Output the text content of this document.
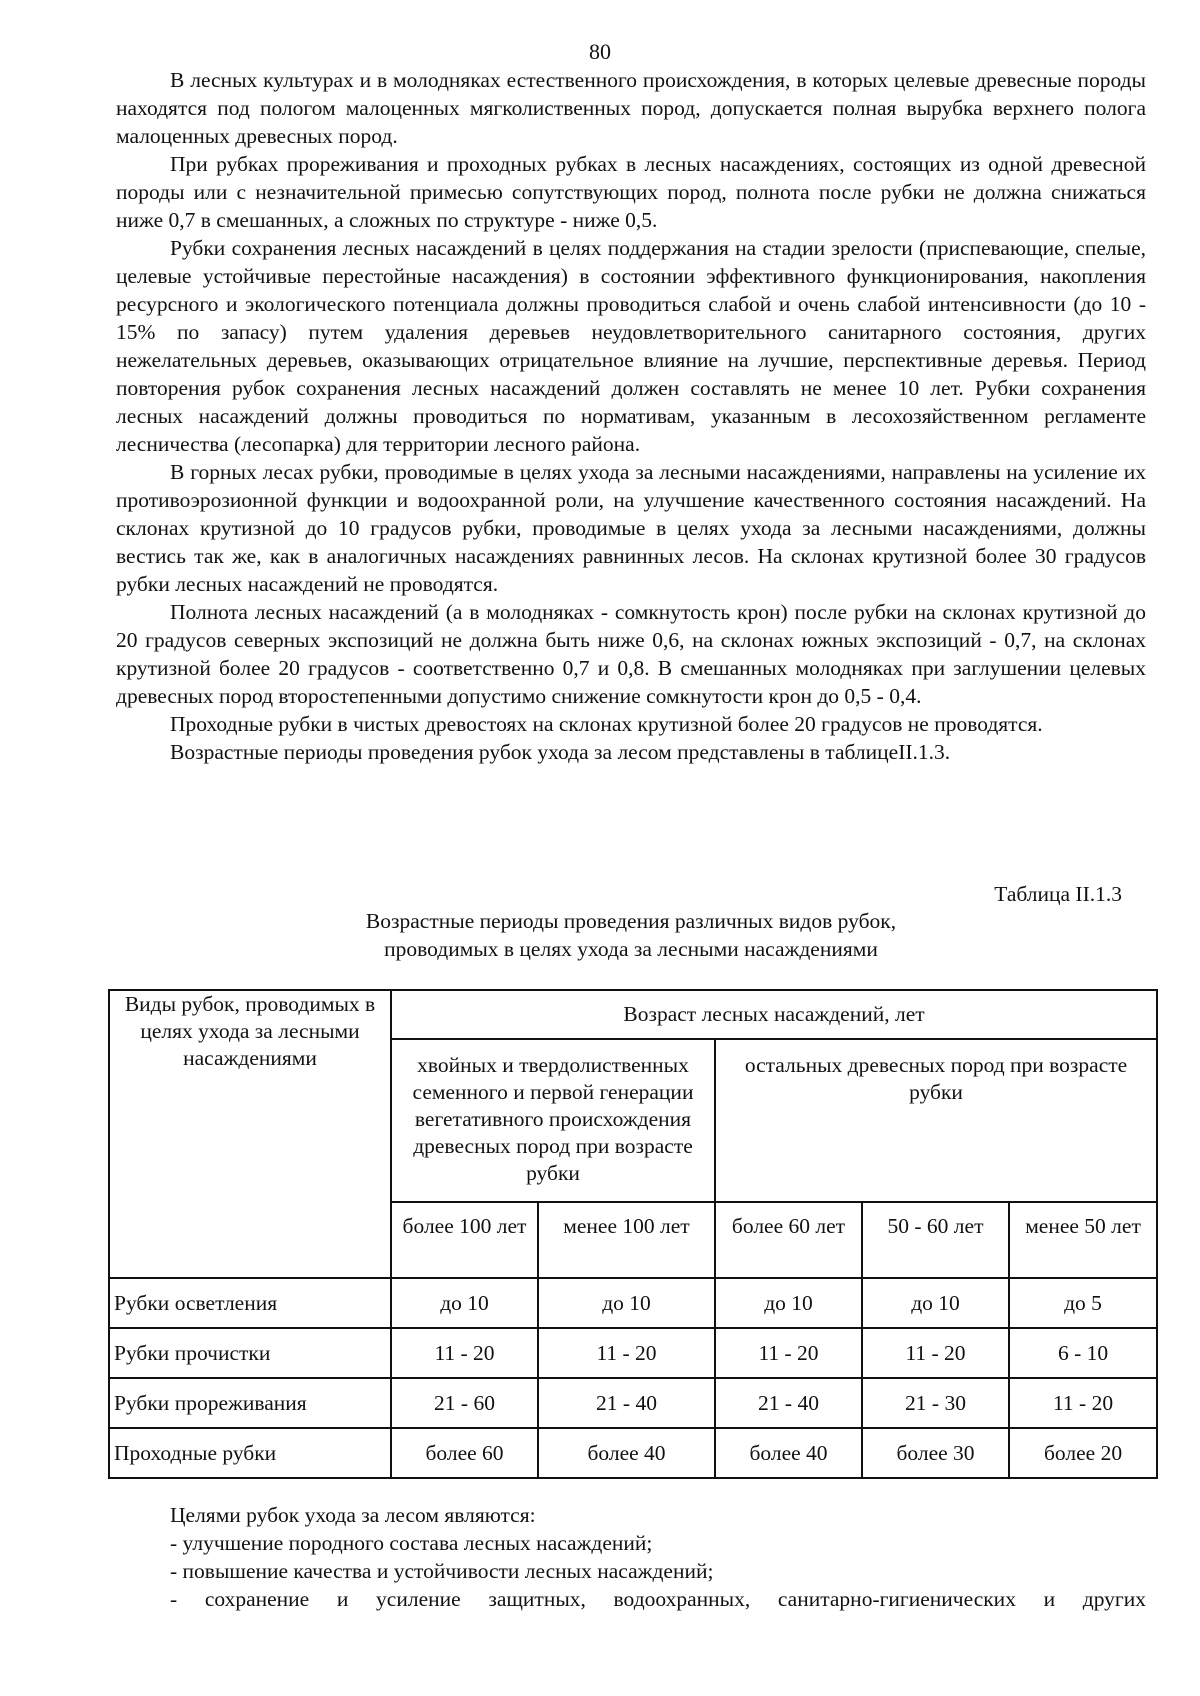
80

В лесных культурах и в молодняках естественного происхождения, в которых целевые древесные породы находятся под пологом малоценных мягколиственных пород, допускается полная вырубка верхнего полога малоценных древесных пород.

При рубках прореживания и проходных рубках в лесных насаждениях, состоящих из одной древесной породы или с незначительной примесью сопутствующих пород, полнота после рубки не должна снижаться ниже 0,7 в смешанных, а сложных по структуре - ниже 0,5.

Рубки сохранения лесных насаждений в целях поддержания на стадии зрелости (приспевающие, спелые, целевые устойчивые перестойные насаждения) в состоянии эффективного функционирования, накопления ресурсного и экологического потенциала должны проводиться слабой и очень слабой интенсивности (до 10 - 15% по запасу) путем удаления деревьев неудовлетворительного санитарного состояния, других нежелательных деревьев, оказывающих отрицательное влияние на лучшие, перспективные деревья. Период повторения рубок сохранения лесных насаждений должен составлять не менее 10 лет. Рубки сохранения лесных насаждений должны проводиться по нормативам, указанным в лесохозяйственном регламенте лесничества (лесопарка) для территории лесного района.

В горных лесах рубки, проводимые в целях ухода за лесными насаждениями, направлены на усиление их противоэрозионной функции и водоохранной роли, на улучшение качественного состояния насаждений. На склонах крутизной до 10 градусов рубки, проводимые в целях ухода за лесными насаждениями, должны вестись так же, как в аналогичных насаждениях равнинных лесов. На склонах крутизной более 30 градусов рубки лесных насаждений не проводятся.

Полнота лесных насаждений (а в молодняках - сомкнутость крон) после рубки на склонах крутизной до 20 градусов северных экспозиций не должна быть ниже 0,6, на склонах южных экспозиций - 0,7, на склонах крутизной более 20 градусов - соответственно 0,7 и 0,8. В смешанных молодняках при заглушении целевых древесных пород второстепенными допустимо снижение сомкнутости крон до 0,5 - 0,4.

Проходные рубки в чистых древостоях на склонах крутизной более 20 градусов не проводятся.

Возрастные периоды проведения рубок ухода за лесом представлены в таблицеII.1.3.

Таблица II.1.3
Возрастные периоды проведения различных видов рубок,
проводимых в целях ухода за лесными насаждениями
Виды рубок, проводимых в целях ухода за лесными насаждениями	Возраст лесных насаждений, лет				
	хвойных и твердолиственных семенного и первой генерации вегетативного происхождения древесных пород при возрасте рубки		остальных древесных пород при возрасте рубки		
	более 100 лет	менее 100 лет	более 60 лет	50 - 60 лет	менее 50 лет
Рубки осветления	до 10	до 10	до 10	до 10	до 5
Рубки прочистки	11 - 20	11 - 20	11 - 20	11 - 20	6 - 10
Рубки прореживания	21 - 60	21 - 40	21 - 40	21 - 30	11 - 20
Проходные рубки	более 60	более 40	более 40	более 30	более 20

Целями рубок ухода за лесом являются:

- улучшение породного состава лесных насаждений;

- повышение качества и устойчивости лесных насаждений;

- сохранение и усиление защитных, водоохранных, санитарно-гигиенических и других
